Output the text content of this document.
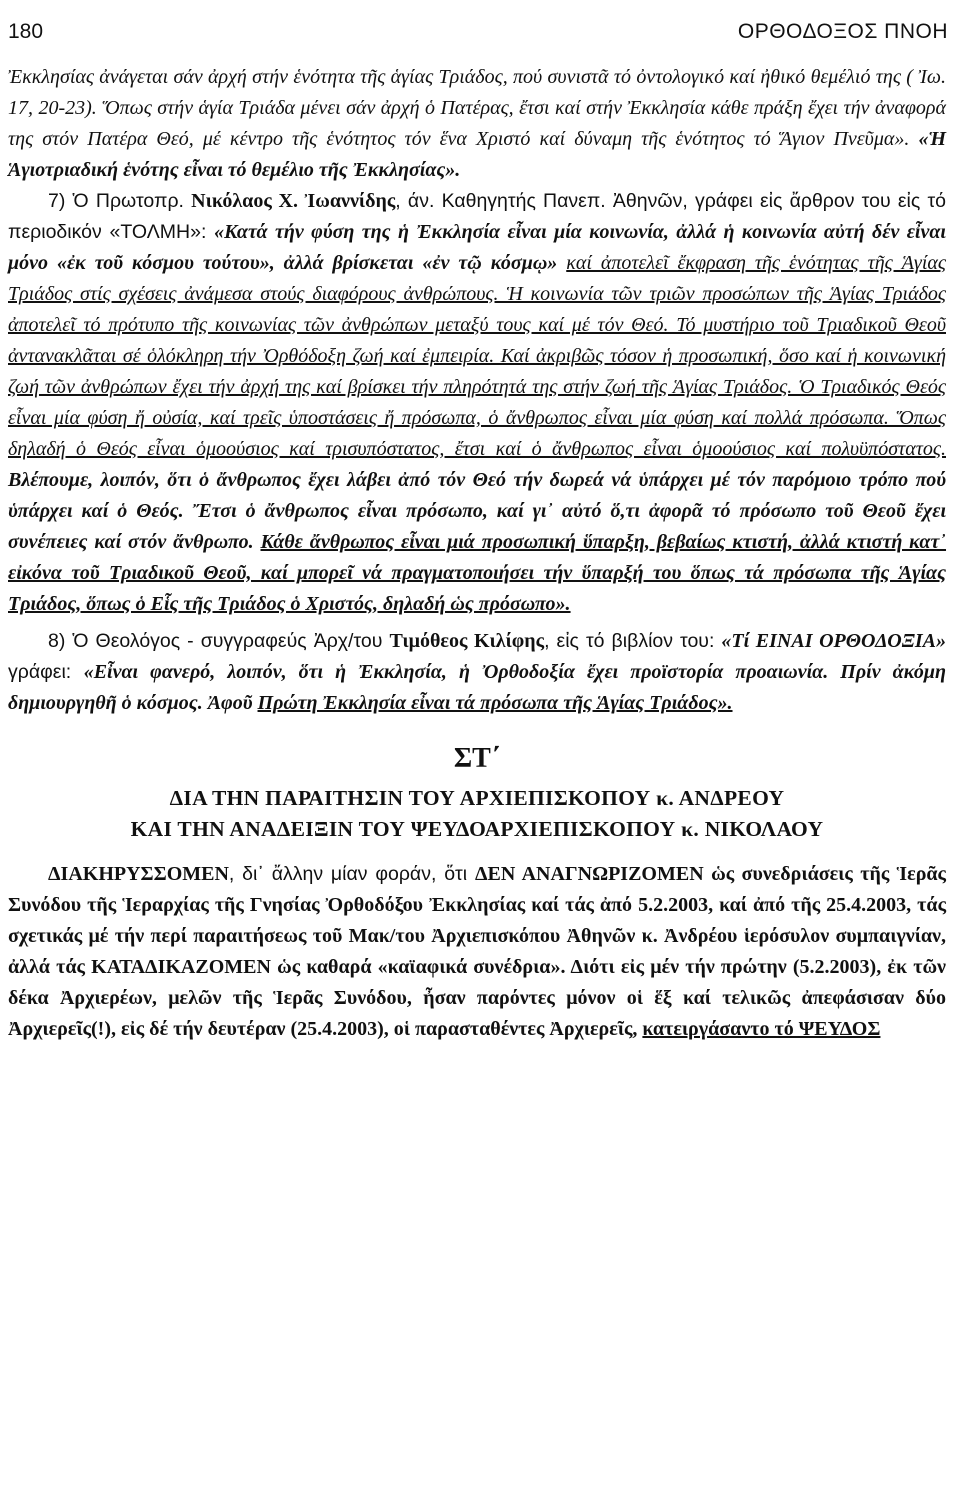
180	ΟΡΘΟΔΟΞΟΣ ΠΝΟΗ

Ἐκκλησίας ἀνάγεται σάν ἀρχή στήν ἑνότητα τῆς ἁγίας Τριάδος, πού συνιστᾶ τό ὀντολογικό καί ἠθικό θεμέλιό της ( Ἰω. 17, 20-23). Ὅπως στήν ἁγία Τριάδα μένει σάν ἀρχή ὁ Πατέρας, ἔτσι καί στήν Ἐκκλησία κάθε πράξη ἔχει τήν ἀναφορά της στόν Πατέρα Θεό, μέ κέντρο τῆς ἑνότητος τόν ἕνα Χριστό καί δύναμη τῆς ἑνότητος τό Ἅγιον Πνεῦμα». «Ἡ Ἁγιοτριαδική ἑνότης εἶναι τό θεμέλιο τῆς Ἐκκλησίας».

7) Ὁ Πρωτοπρ. Νικόλαος Χ. Ἰωαννίδης, άν. Καθηγητής Πανεπ. Ἀθηνῶν, γράφει εἰς ἄρθρον του εἰς τό περιοδικόν «ΤΟΛΜΗ»: «Κατά τήν φύση της ἡ Ἐκκλησία εἶναι μία κοινωνία, ἀλλά ἡ κοινωνία αὐτή δέν εἶναι μόνο «ἐκ τοῦ κόσμου τούτου», ἀλλά βρίσκεται «ἐν τῷ κόσμῳ» καί ἀποτελεῖ ἔκφραση τῆς ἑνότητας τῆς Ἁγίας Τριάδος στίς σχέσεις ἀνάμεσα στούς διαφόρους ἀνθρώπους. Ἡ κοινωνία τῶν τριῶν προσώπων τῆς Ἁγίας Τριάδος ἀποτελεῖ τό πρότυπο τῆς κοινωνίας τῶν ἀνθρώπων μεταξύ τους καί μέ τόν Θεό. Τό μυστήριο τοῦ Τριαδικοῦ Θεοῦ ἀντανακλᾶται σέ ὁλόκληρη τήν Ὀρθόδοξη ζωή καί ἐμπειρία. Καί ἀκριβῶς τόσον ἡ προσωπική, ὅσο καί ἡ κοινωνική ζωή τῶν ἀνθρώπων ἔχει τήν ἀρχή της καί βρίσκει τήν πληρότητά της στήν ζωή τῆς Ἁγίας Τριάδος. Ὁ Τριαδικός Θεός εἶναι μία φύση ἤ οὐσία, καί τρεῖς ὑποστάσεις ἤ πρόσωπα, ὁ ἄνθρωπος εἶναι μία φύση καί πολλά πρόσωπα. Ὅπως δηλαδή ὁ Θεός εἶναι ὁμοούσιος καί τρισυπόστατος, ἔτσι καί ὁ ἄνθρωπος εἶναι ὁμοούσιος καί πολυϋπόστατος. Βλέπουμε, λοιπόν, ὅτι ὁ ἄνθρωπος ἔχει λάβει ἀπό τόν Θεό τήν δωρεά νά ὑπάρχει μέ τόν παρόμοιο τρόπο πού ὑπάρχει καί ὁ Θεός. Ἔτσι ὁ ἄνθρωπος εἶναι πρόσωπο, καί γι᾽ αὐτό ὅ,τι ἀφορᾶ τό πρόσωπο τοῦ Θεοῦ ἔχει συνέπειες καί στόν ἄνθρωπο. Κάθε ἄνθρωπος εἶναι μιά προσωπική ὕπαρξη, βεβαίως κτιστή, ἀλλά κτιστή κατ᾽ εἰκόνα τοῦ Τριαδικοῦ Θεοῦ, καί μπορεῖ νά πραγματοποιήσει τήν ὕπαρξή του ὅπως τά πρόσωπα τῆς Ἁγίας Τριάδος, ὅπως ὁ Εἷς τῆς Τριάδος ὁ Χριστός, δηλαδή ὡς πρόσωπο».

8) Ὁ Θεολόγος - συγγραφεύς Ἀρχ/του Τιμόθεος Κιλίφης, εἰς τό βιβλίον του: «Τί ΕΙΝΑΙ ΟΡΘΟΔΟΞΙΑ» γράφει: «Εἶναι φανερό, λοιπόν, ὅτι ἡ Ἐκκλησία, ἡ Ὀρθοδοξία ἔχει προϊστορία προαιωνία. Πρίν ἀκόμη δημιουργηθῆ ὁ κόσμος. Ἀφοῦ Πρώτη Ἐκκλησία εἶναι τά πρόσωπα τῆς Ἁγίας Τριάδος».

ΣΤ΄
ΔΙΑ ΤΗΝ ΠΑΡΑΙΤΗΣΙΝ ΤΟΥ ΑΡΧΙΕΠΙΣΚΟΠΟΥ κ. ΑΝΔΡΕΟΥ
ΚΑΙ ΤΗΝ ΑΝΑΔΕΙΞΙΝ ΤΟΥ ΨΕΥΔΟΑΡΧΙΕΠΙΣΚΟΠΟΥ κ. ΝΙΚΟΛΑΟΥ

ΔΙΑΚΗΡΥΣΣΟΜΕΝ, δι᾽ ἄλλην μίαν φοράν, ὅτι ΔΕΝ ΑΝΑΓΝΩΡΙΖΟΜΕΝ ὡς συνεδριάσεις τῆς Ἱερᾶς Συνόδου τῆς Ἱεραρχίας τῆς Γνησίας Ὀρθοδόξου Ἐκκλησίας καί τάς ἀπό 5.2.2003, καί ἀπό τῆς 25.4.2003, τάς σχετικάς μέ τήν περί παραιτήσεως τοῦ Μακ/του Ἀρχιεπισκόπου Ἀθηνῶν κ. Ἀνδρέου ἱερόσυλον συμπαιγνίαν, ἀλλά τάς ΚΑΤΑΔΙΚΑΖΟΜΕΝ ὡς καθαρά «καϊαφικά συνέδρια». Διότι εἰς μέν τήν πρώτην (5.2.2003), ἐκ τῶν δέκα Ἀρχιερέων, μελῶν τῆς Ἱερᾶς Συνόδου, ἦσαν παρόντες μόνον οἱ ἕξ καί τελικῶς ἀπεφάσισαν δύο Ἀρχιερεῖς(!), εἰς δέ τήν δευτέραν (25.4.2003), οἱ παρασταθέντες Ἀρχιερεῖς, κατειργάσαντο τό ΨΕΥΔΟΣ
